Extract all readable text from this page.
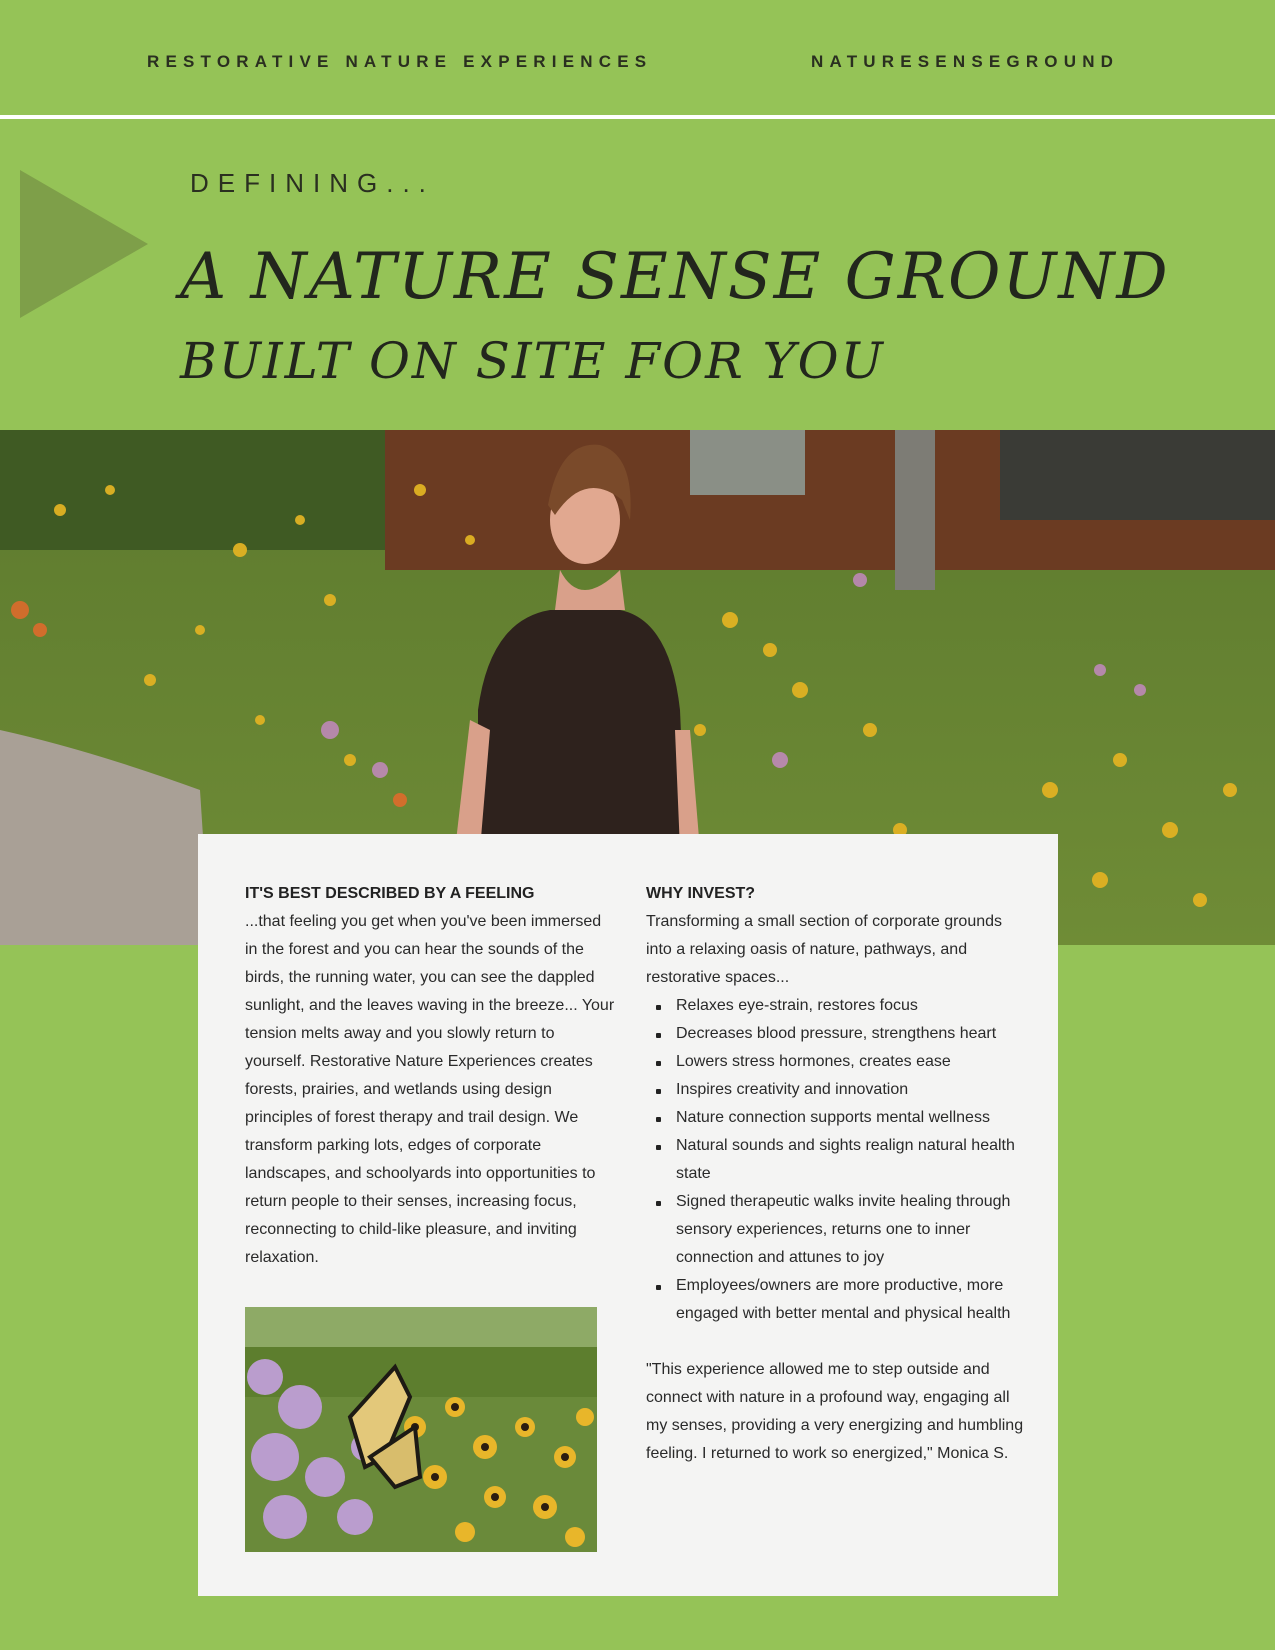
RESTORATIVE NATURE EXPERIENCES	NATURESENSEGROUND
DEFINING...
A NATURE SENSE GROUND
BUILT ON SITE FOR YOU
IT'S BEST DESCRIBED BY A FEELING

...that feeling you get when you've been immersed in the forest and you can hear the sounds of the birds, the running water, you can see the dappled sunlight, and the leaves waving in the breeze... Your tension melts away and you slowly return to yourself. Restorative Nature Experiences creates forests, prairies, and wetlands using design principles of forest therapy and trail design. We transform parking lots, edges of corporate landscapes, and schoolyards into opportunities to return people to their senses, increasing focus, reconnecting to child-like pleasure, and inviting relaxation.

WHY INVEST?

Transforming a small section of corporate grounds into a relaxing oasis of nature, pathways, and restorative spaces...

Relaxes eye-strain, restores focus
Decreases blood pressure, strengthens heart
Lowers stress hormones, creates ease
Inspires creativity and innovation
Nature connection supports mental wellness
Natural sounds and sights realign natural health state
Signed therapeutic walks invite healing through sensory experiences, returns one to inner connection and attunes to joy
Employees/owners are more productive, more engaged with better mental and physical health

"This experience allowed me to step outside and connect with nature in a profound way, engaging all my senses, providing a very energizing and humbling feeling. I returned to work so energized," Monica S.
